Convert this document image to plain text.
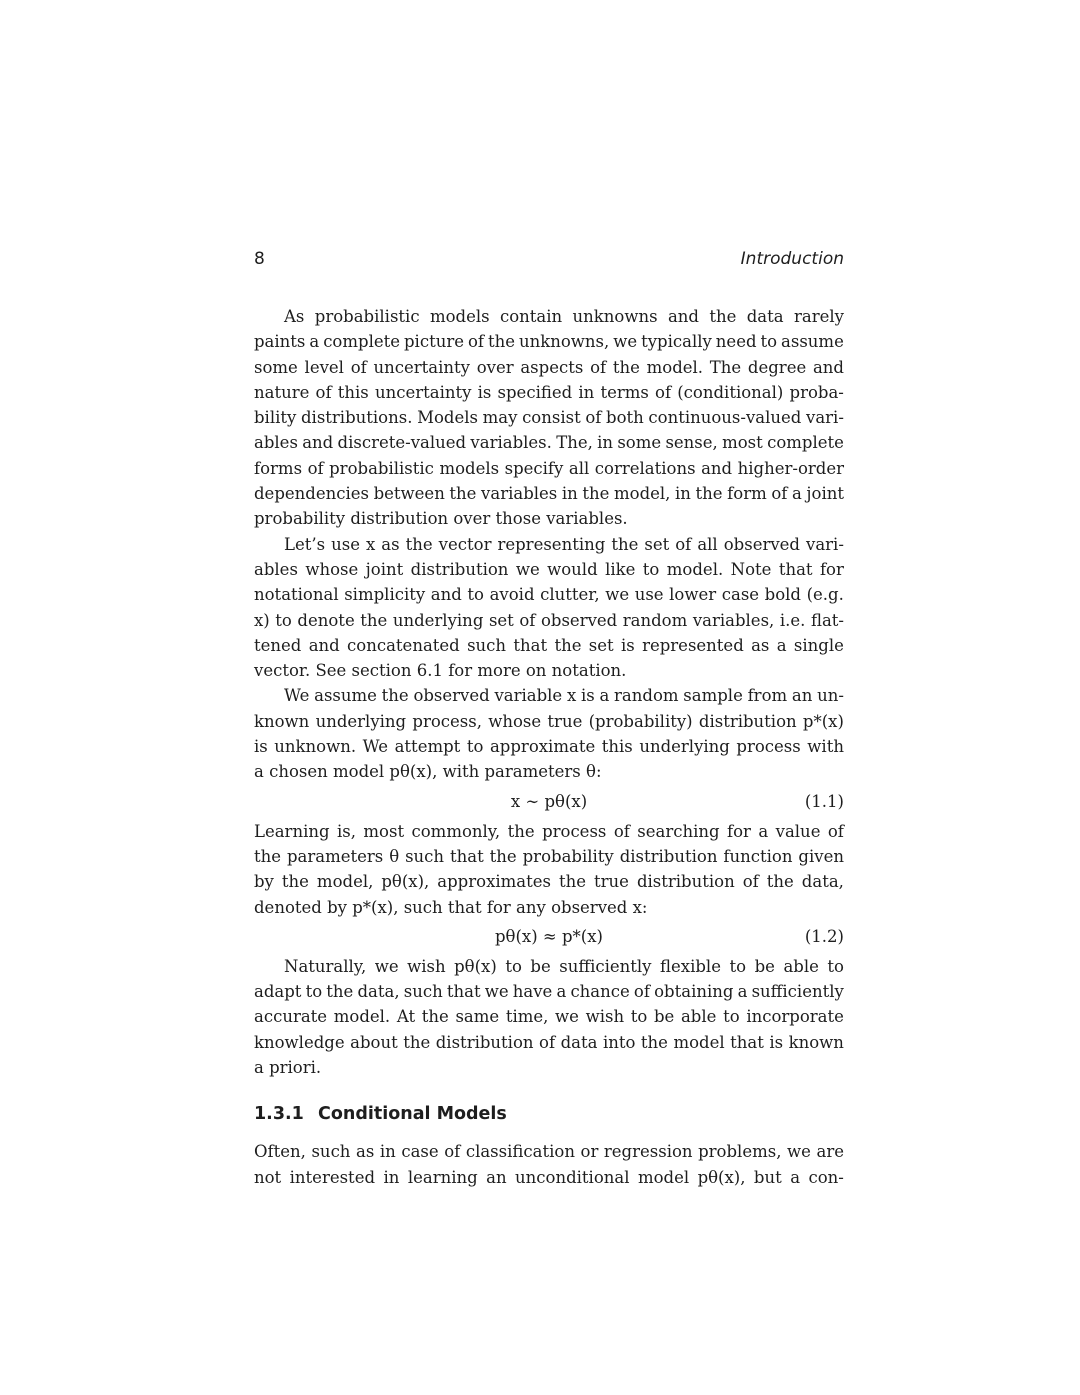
8	Introduction
As probabilistic models contain unknowns and the data rarely
paints a complete picture of the unknowns, we typically need to assume
some level of uncertainty over aspects of the model. The degree and
nature of this uncertainty is specified in terms of (conditional) proba-
bility distributions. Models may consist of both continuous-valued vari-
ables and discrete-valued variables. The, in some sense, most complete
forms of probabilistic models specify all correlations and higher-order
dependencies between the variables in the model, in the form of a joint
probability distribution over those variables.
Let’s use x as the vector representing the set of all observed vari-
ables whose joint distribution we would like to model. Note that for
notational simplicity and to avoid clutter, we use lower case bold (e.g.
x) to denote the underlying set of observed random variables, i.e. flat-
tened and concatenated such that the set is represented as a single
vector. See section 6.1 for more on notation.
We assume the observed variable x is a random sample from an un-
known underlying process, whose true (probability) distribution p*(x)
is unknown. We attempt to approximate this underlying process with
a chosen model pθ(x), with parameters θ:
x ∼ pθ(x)	(1.1)
Learning is, most commonly, the process of searching for a value of
the parameters θ such that the probability distribution function given
by the model, pθ(x), approximates the true distribution of the data,
denoted by p*(x), such that for any observed x:
pθ(x) ≈ p*(x)	(1.2)
Naturally, we wish pθ(x) to be sufficiently flexible to be able to
adapt to the data, such that we have a chance of obtaining a sufficiently
accurate model. At the same time, we wish to be able to incorporate
knowledge about the distribution of data into the model that is known
a priori.
1.3.1 Conditional Models
Often, such as in case of classification or regression problems, we are
not interested in learning an unconditional model pθ(x), but a con-
